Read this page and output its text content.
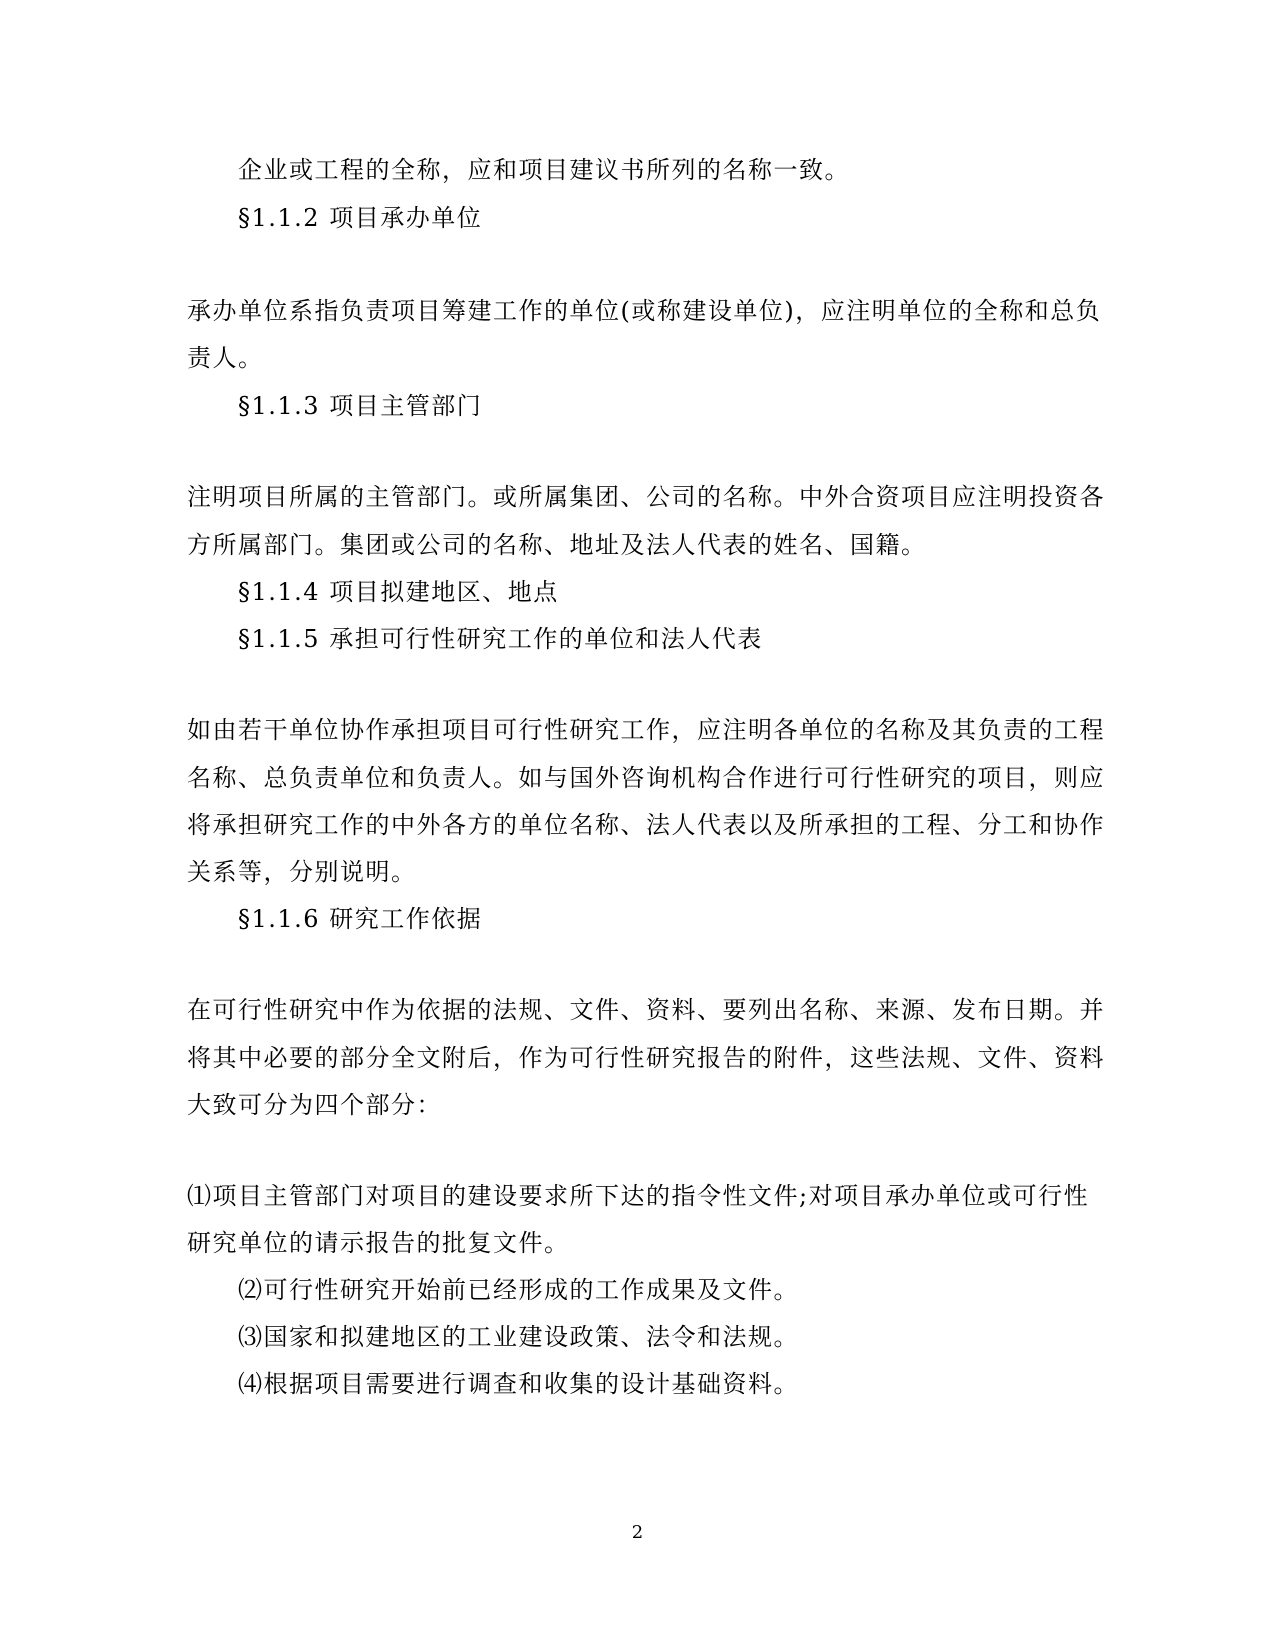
企业或工程的全称，应和项目建议书所列的名称一致。
§1.1.2 项目承办单位
承办单位系指负责项目筹建工作的单位(或称建设单位)，应注明单位的全称和总负
责人。
§1.1.3 项目主管部门
注明项目所属的主管部门。或所属集团、公司的名称。中外合资项目应注明投资各
方所属部门。集团或公司的名称、地址及法人代表的姓名、国籍。
§1.1.4 项目拟建地区、地点
§1.1.5 承担可行性研究工作的单位和法人代表
如由若干单位协作承担项目可行性研究工作，应注明各单位的名称及其负责的工程
名称、总负责单位和负责人。如与国外咨询机构合作进行可行性研究的项目，则应
将承担研究工作的中外各方的单位名称、法人代表以及所承担的工程、分工和协作
关系等，分别说明。
§1.1.6 研究工作依据
在可行性研究中作为依据的法规、文件、资料、要列出名称、来源、发布日期。并
将其中必要的部分全文附后，作为可行性研究报告的附件，这些法规、文件、资料
大致可分为四个部分：
⑴项目主管部门对项目的建设要求所下达的指令性文件;对项目承办单位或可行性
研究单位的请示报告的批复文件。
⑵可行性研究开始前已经形成的工作成果及文件。
⑶国家和拟建地区的工业建设政策、法令和法规。
⑷根据项目需要进行调查和收集的设计基础资料。
2
